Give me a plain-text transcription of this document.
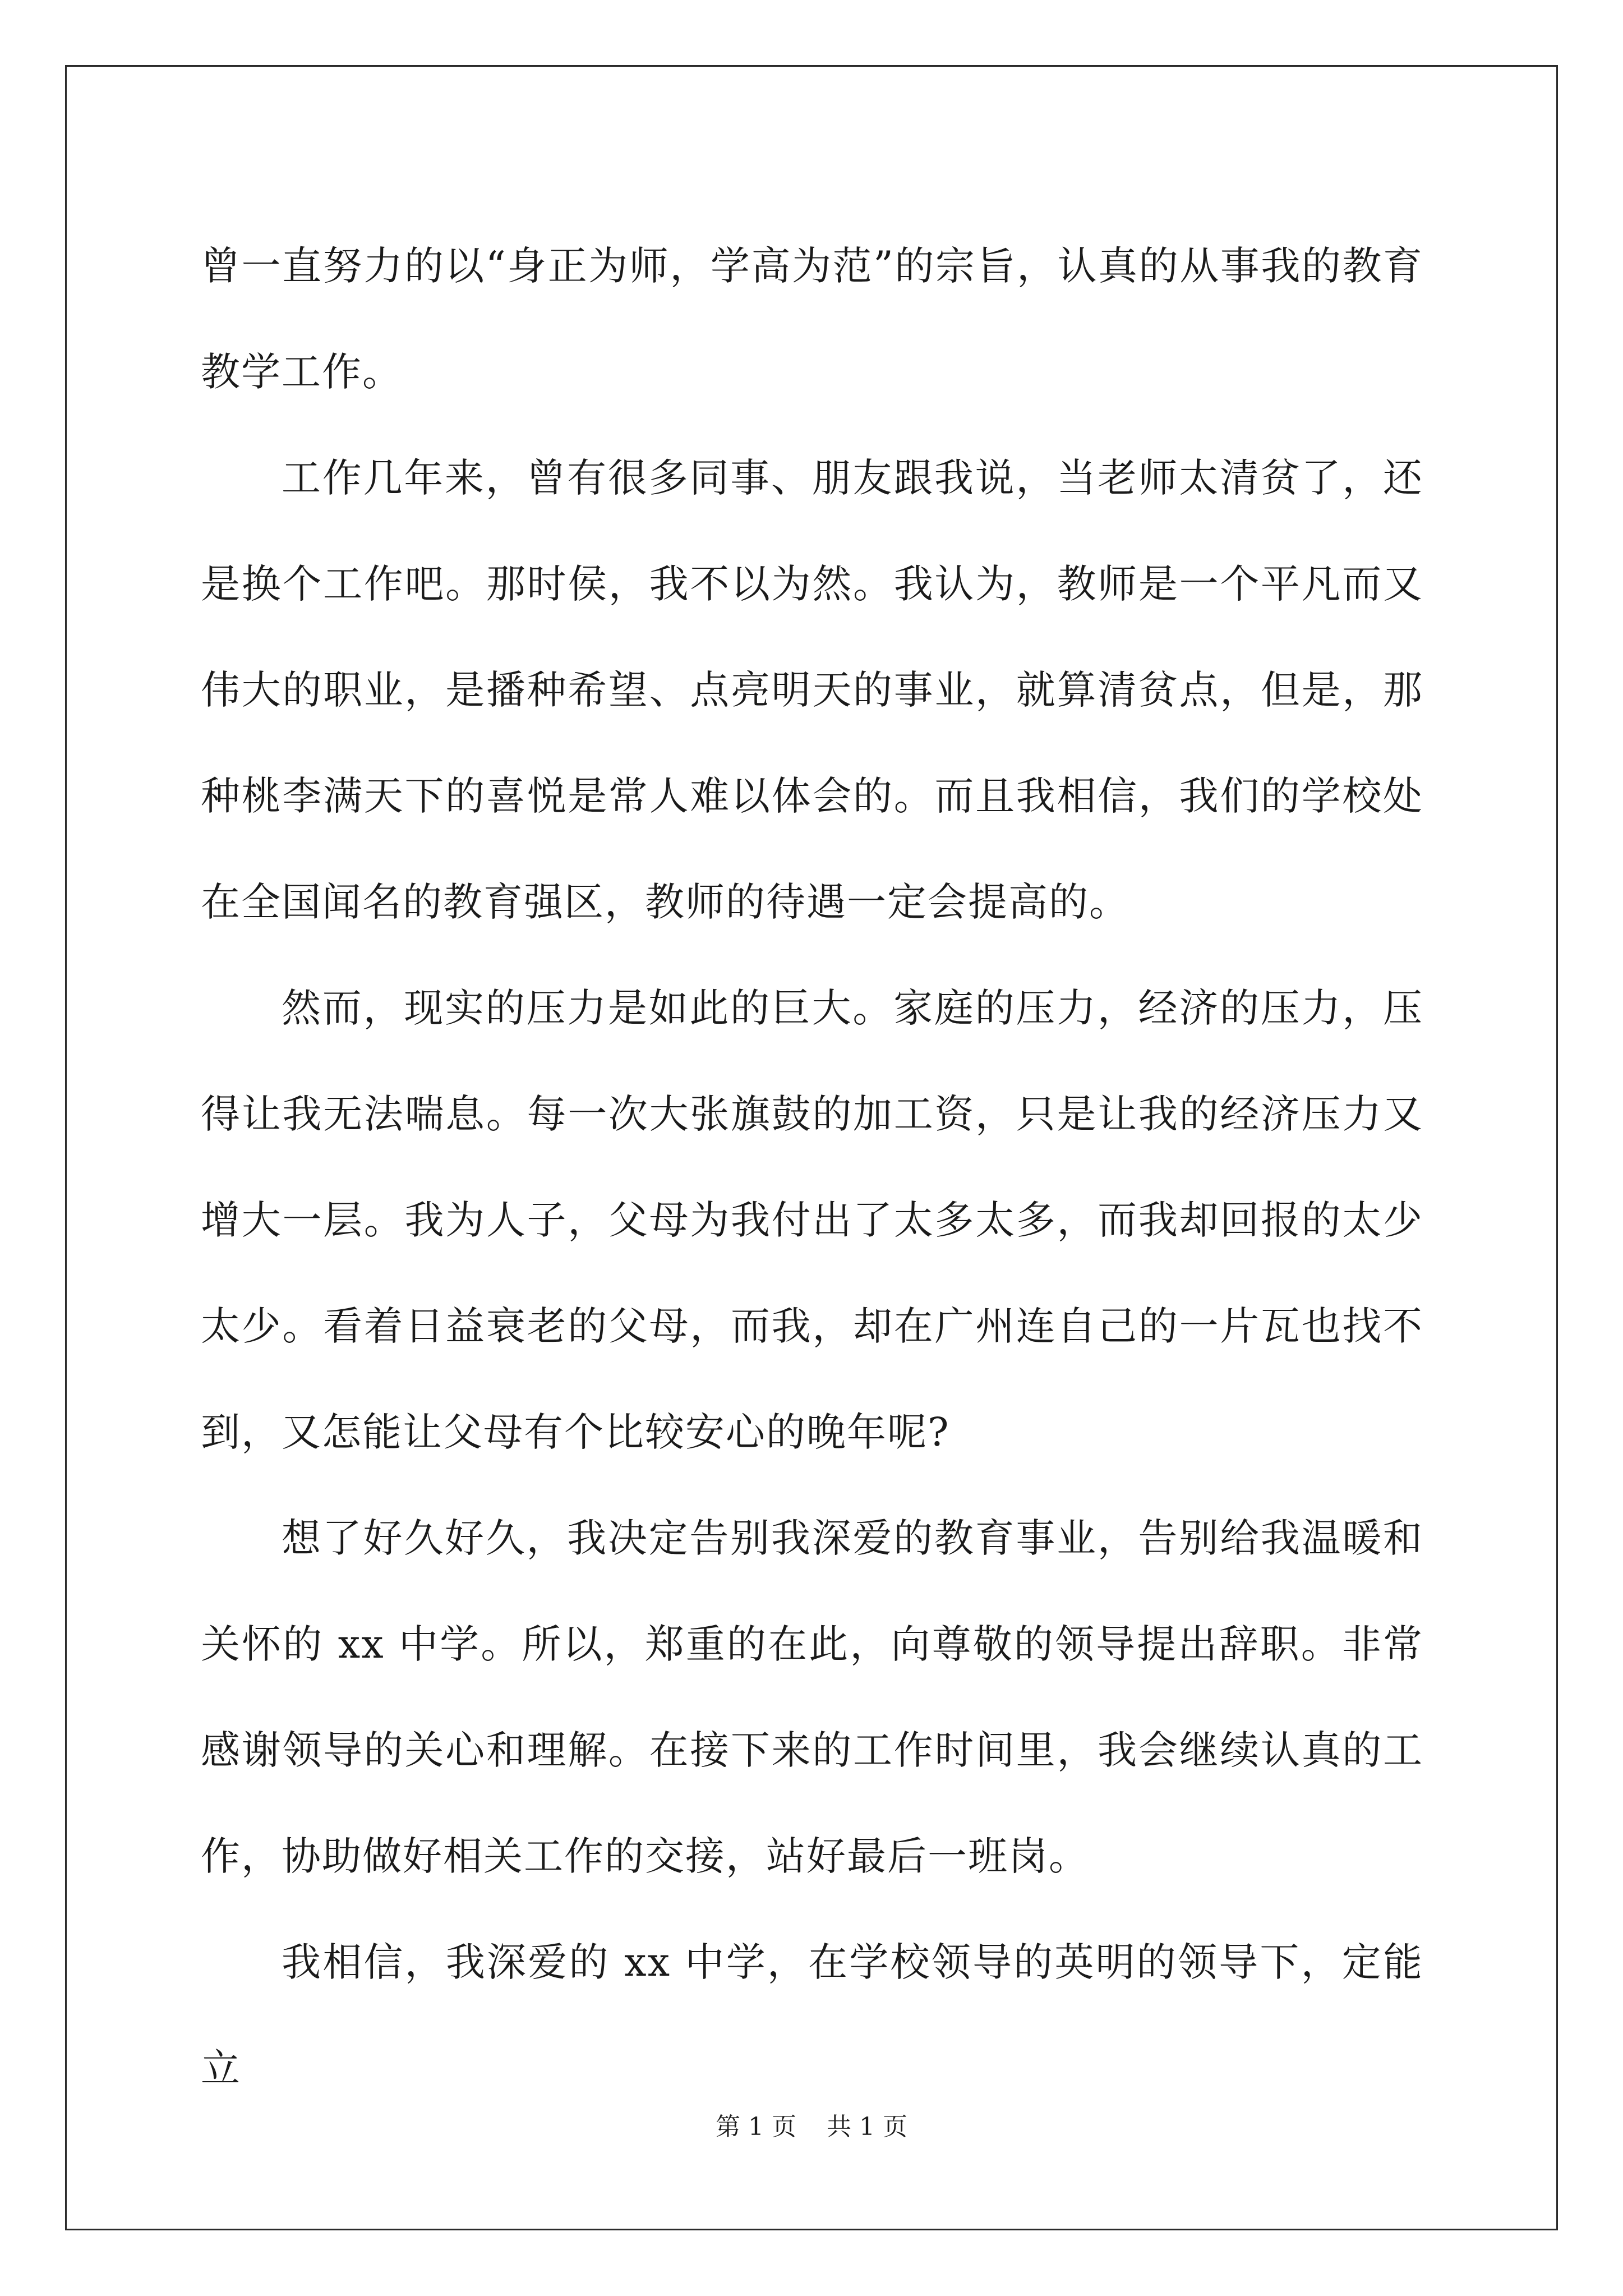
曾一直努力的以“身正为师，学高为范”的宗旨，认真的从事我的教育教学工作。

工作几年来，曾有很多同事、朋友跟我说，当老师太清贫了，还是换个工作吧。那时侯，我不以为然。我认为，教师是一个平凡而又伟大的职业，是播种希望、点亮明天的事业，就算清贫点，但是，那种桃李满天下的喜悦是常人难以体会的。而且我相信，我们的学校处在全国闻名的教育强区，教师的待遇一定会提高的。

然而，现实的压力是如此的巨大。家庭的压力，经济的压力，压得让我无法喘息。每一次大张旗鼓的加工资，只是让我的经济压力又增大一层。我为人子，父母为我付出了太多太多，而我却回报的太少太少。看着日益衰老的父母，而我，却在广州连自己的一片瓦也找不到，又怎能让父母有个比较安心的晚年呢?

想了好久好久，我决定告别我深爱的教育事业，告别给我温暖和关怀的 xx 中学。所以，郑重的在此，向尊敬的领导提出辞职。非常感谢领导的关心和理解。在接下来的工作时间里，我会继续认真的工作，协助做好相关工作的交接，站好最后一班岗。

我相信，我深爱的 xx 中学，在学校领导的英明的领导下，定能立

第 1 页 共 1 页
